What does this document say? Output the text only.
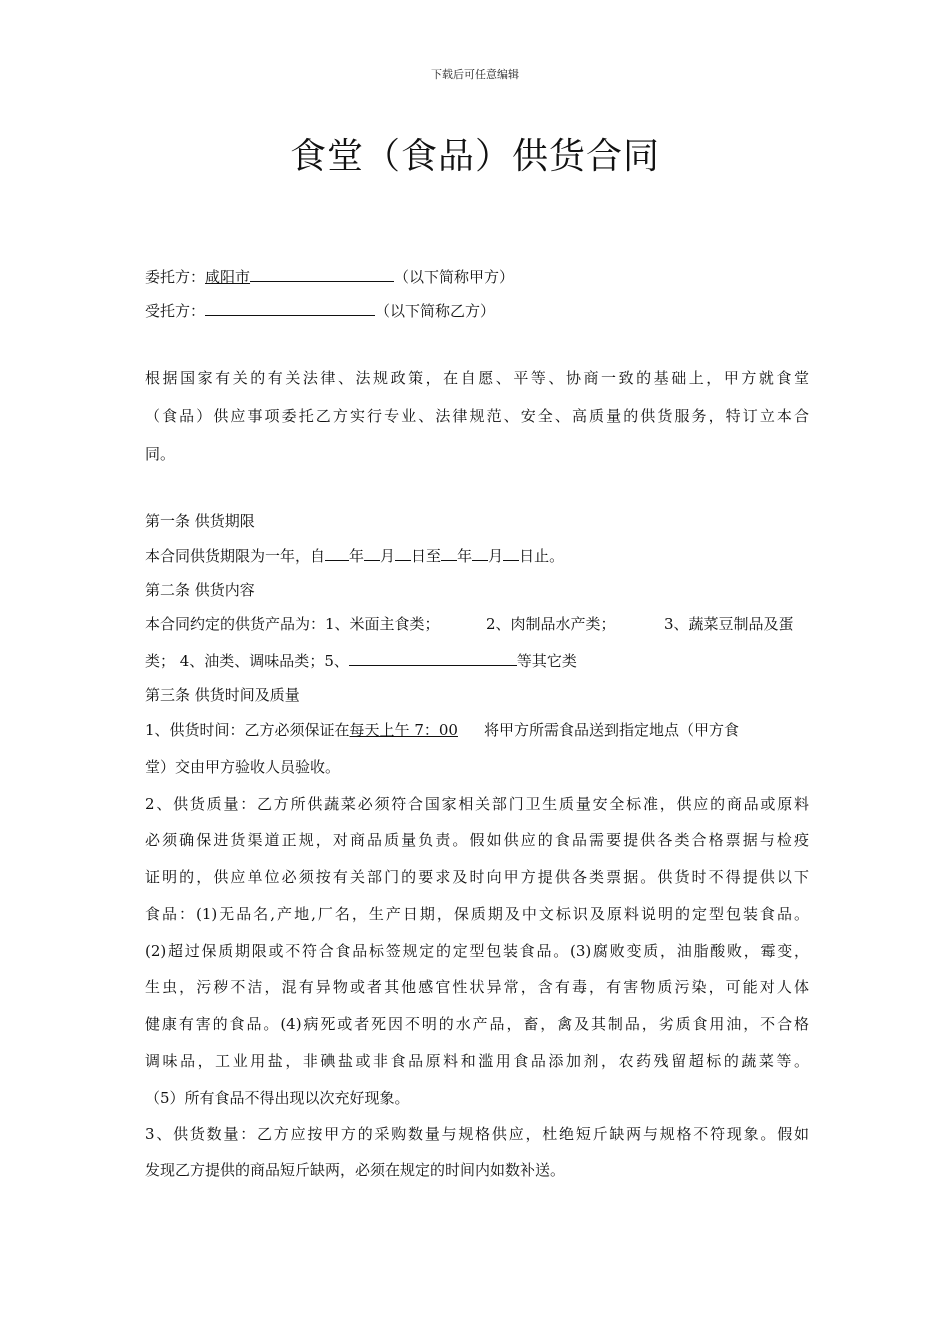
下载后可任意编辑
食堂（食品）供货合同
委托方：咸阳市	（以下简称甲方）
受托方：	（以下简称乙方）
根据国家有关的有关法律、法规政策，在自愿、平等、协商一致的基础上，甲方就食堂
（食品）供应事项委托乙方实行专业、法律规范、安全、高质量的供货服务，特订立本合
同。
第一条 供货期限
本合同供货期限为一年，自 年 月 日至 年 月 日止。
第二条 供货内容
本合同约定的供货产品为：1、米面主食类；	2、肉制品水产类；	3、蔬菜豆制品及蛋
类； 4、油类、调味品类；5、	等其它类
第三条 供货时间及质量
1、供货时间：乙方必须保证在每天上午 7：00 将甲方所需食品送到指定地点（甲方食
堂）交由甲方验收人员验收。
2、供货质量：乙方所供蔬菜必须符合国家相关部门卫生质量安全标准，供应的商品或原料
必须确保进货渠道正规，对商品质量负责。假如供应的食品需要提供各类合格票据与检疫
证明的，供应单位必须按有关部门的要求及时向甲方提供各类票据。供货时不得提供以下
食品：(1)无品名,产地,厂名，生产日期，保质期及中文标识及原料说明的定型包装食品。
(2)超过保质期限或不符合食品标签规定的定型包装食品。(3)腐败变质，油脂酸败，霉变，
生虫，污秽不洁，混有异物或者其他感官性状异常，含有毒，有害物质污染，可能对人体
健康有害的食品。(4)病死或者死因不明的水产品，畜，禽及其制品，劣质食用油，不合格
调味品，工业用盐，非碘盐或非食品原料和滥用食品添加剂，农药残留超标的蔬菜等。
（5）所有食品不得出现以次充好现象。
3、供货数量：乙方应按甲方的采购数量与规格供应，杜绝短斤缺两与规格不符现象。假如
发现乙方提供的商品短斤缺两，必须在规定的时间内如数补送。
